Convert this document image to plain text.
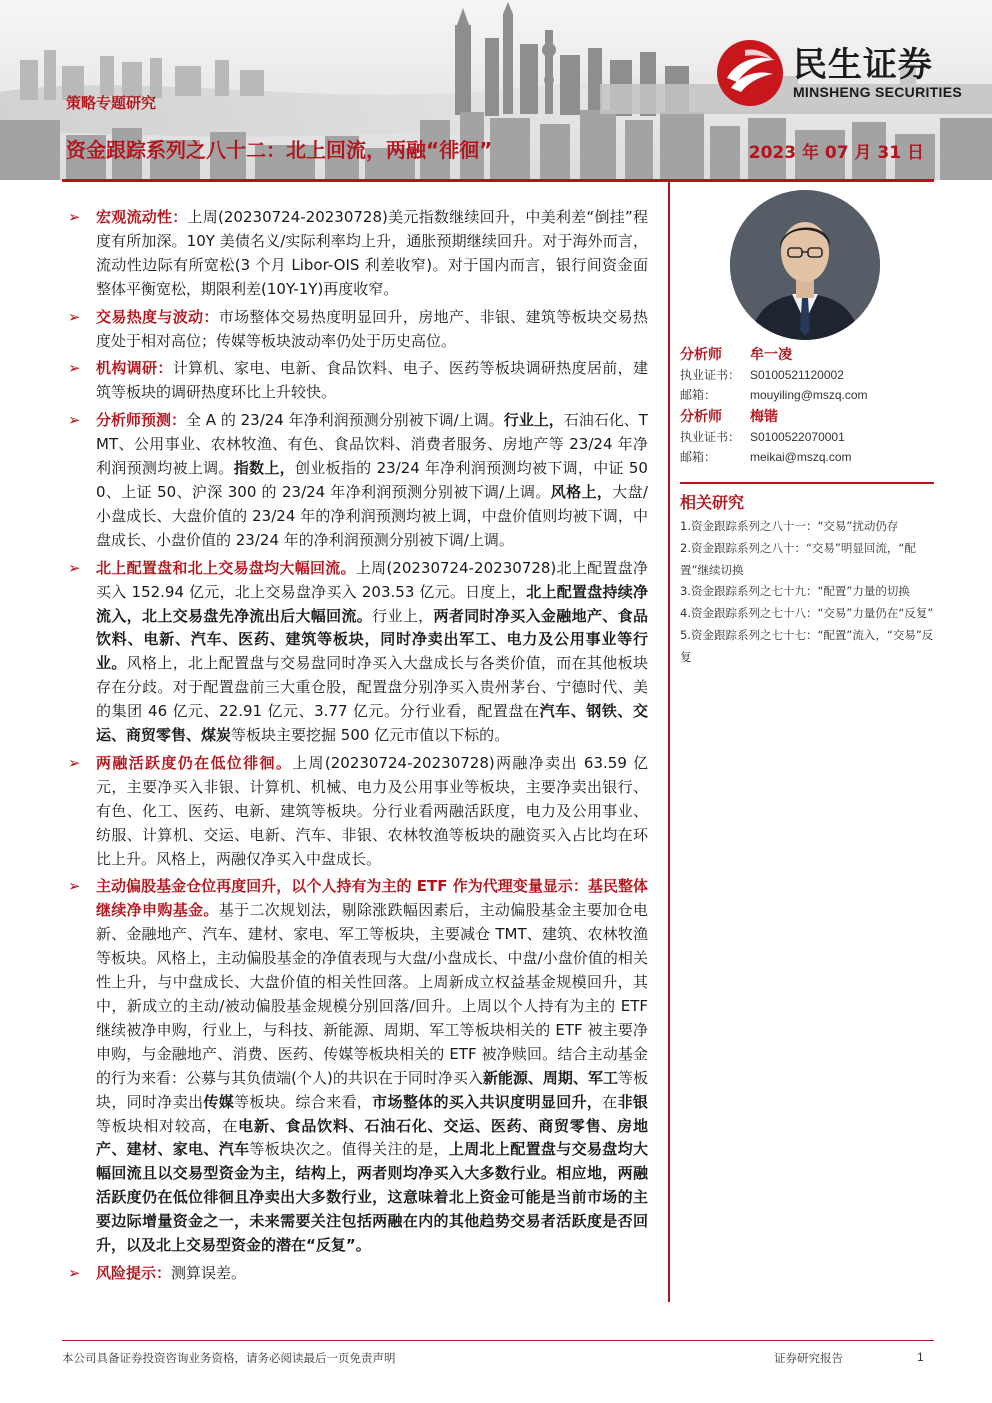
民生证券
MINSHENG SECURITIES
策略专题研究
资金跟踪系列之八十二：北上回流，两融“徘徊”	2023 年 07 月 31 日
➢	宏观流动性：上周(20230724-20230728)美元指数继续回升，中美利差“倒挂”程度有所加深。10Y 美债名义/实际利率均上升，通胀预期继续回升。对于海外而言，流动性边际有所宽松(3 个月 Libor-OIS 利差收窄)。对于国内而言，银行间资金面整体平衡宽松，期限利差(10Y-1Y)再度收窄。
➢	交易热度与波动：市场整体交易热度明显回升，房地产、非银、建筑等板块交易热度处于相对高位；传媒等板块波动率仍处于历史高位。
➢	机构调研：计算机、家电、电新、食品饮料、电子、医药等板块调研热度居前，建筑等板块的调研热度环比上升较快。
➢	分析师预测：全 A 的 23/24 年净利润预测分别被下调/上调。行业上，石油石化、TMT、公用事业、农林牧渔、有色、食品饮料、消费者服务、房地产等 23/24 年净利润预测均被上调。指数上，创业板指的 23/24 年净利润预测均被下调，中证 500、上证 50、沪深 300 的 23/24 年净利润预测分别被下调/上调。风格上，大盘/小盘成长、大盘价值的 23/24 年的净利润预测均被上调，中盘价值则均被下调，中盘成长、小盘价值的 23/24 年的净利润预测分别被下调/上调。
➢	北上配置盘和北上交易盘均大幅回流。上周(20230724-20230728)北上配置盘净买入 152.94 亿元，北上交易盘净买入 203.53 亿元。日度上，北上配置盘持续净流入，北上交易盘先净流出后大幅回流。行业上，两者同时净买入金融地产、食品饮料、电新、汽车、医药、建筑等板块，同时净卖出军工、电力及公用事业等行业。风格上，北上配置盘与交易盘同时净买入大盘成长与各类价值，而在其他板块存在分歧。对于配置盘前三大重仓股，配置盘分别净买入贵州茅台、宁德时代、美的集团 46 亿元、22.91 亿元、3.77 亿元。分行业看，配置盘在汽车、钢铁、交运、商贸零售、煤炭等板块主要挖掘 500 亿元市值以下标的。
➢	两融活跃度仍在低位徘徊。上周(20230724-20230728)两融净卖出 63.59 亿元，主要净买入非银、计算机、机械、电力及公用事业等板块，主要净卖出银行、有色、化工、医药、电新、建筑等板块。分行业看两融活跃度，电力及公用事业、纺服、计算机、交运、电新、汽车、非银、农林牧渔等板块的融资买入占比均在环比上升。风格上，两融仅净买入中盘成长。
➢	主动偏股基金仓位再度回升，以个人持有为主的 ETF 作为代理变量显示：基民整体继续净申购基金。基于二次规划法，剔除涨跌幅因素后，主动偏股基金主要加仓电新、金融地产、汽车、建材、家电、军工等板块，主要减仓 TMT、建筑、农林牧渔等板块。风格上，主动偏股基金的净值表现与大盘/小盘成长、中盘/小盘价值的相关性上升，与中盘成长、大盘价值的相关性回落。上周新成立权益基金规模回升，其中，新成立的主动/被动偏股基金规模分别回落/回升。上周以个人持有为主的 ETF 继续被净申购，行业上，与科技、新能源、周期、军工等板块相关的 ETF 被主要净申购，与金融地产、消费、医药、传媒等板块相关的 ETF 被净赎回。结合主动基金的行为来看：公募与其负债端(个人)的共识在于同时净买入新能源、周期、军工等板块，同时净卖出传媒等板块。综合来看，市场整体的买入共识度明显回升，在非银等板块相对较高，在电新、食品饮料、石油石化、交运、医药、商贸零售、房地产、建材、家电、汽车等板块次之。值得关注的是，上周北上配置盘与交易盘均大幅回流且以交易型资金为主，结构上，两者则均净买入大多数行业。相应地，两融活跃度仍在低位徘徊且净卖出大多数行业，这意味着北上资金可能是当前市场的主要边际增量资金之一，未来需要关注包括两融在内的其他趋势交易者活跃度是否回升，以及北上交易型资金的潜在“反复”。
➢	风险提示：测算误差。
分析师	牟一凌
执业证书： S0100521120002
邮箱：	mouyiling@mszq.com
分析师	梅锴
执业证书： S0100522070001
邮箱：	meikai@mszq.com
相关研究
1.资金跟踪系列之八十一：“交易”扰动仍存
2.资金跟踪系列之八十：“交易”明显回流，“配置”继续切换
3.资金跟踪系列之七十九：“配置”力量的切换
4.资金跟踪系列之七十八：“交易”力量仍在“反复”
5.资金跟踪系列之七十七：“配置”流入，“交易”反复
本公司具备证券投资咨询业务资格，请务必阅读最后一页免责声明	证券研究报告	1
